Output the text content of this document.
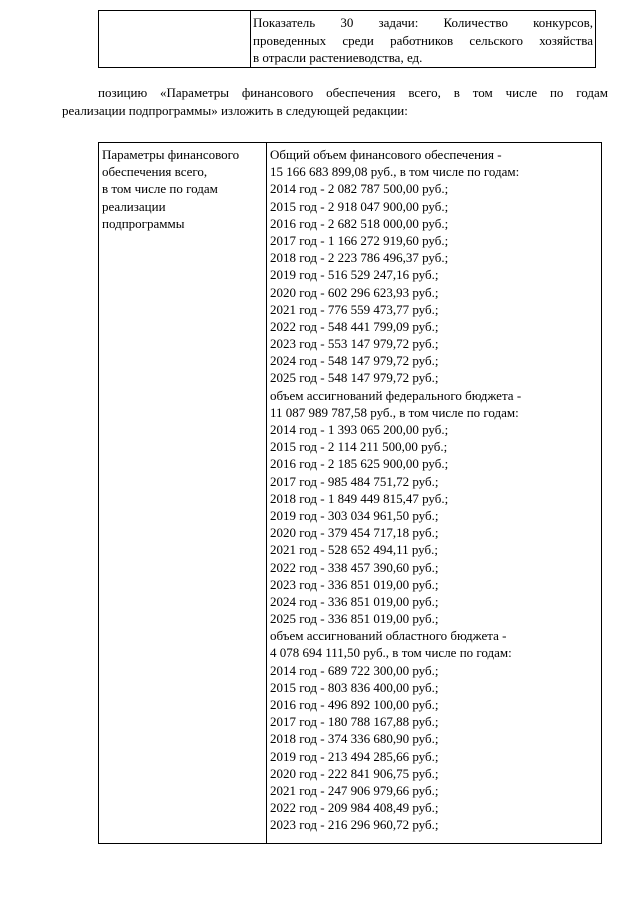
Показатель 30 задачи: Количество конкурсов,
проведенных среди работников сельского хозяйства
в отрасли растениеводства, ед.
позицию «Параметры финансового обеспечения всего, в том числе по годам
реализации подпрограммы» изложить в следующей редакции:
Параметры финансового
обеспечения всего,
в том числе по годам
реализации
подпрограммы
Общий объем финансового обеспечения -
15 166 683 899,08 руб., в том числе по годам:
2014 год - 2 082 787 500,00 руб.;
2015 год - 2 918 047 900,00 руб.;
2016 год - 2 682 518 000,00 руб.;
2017 год - 1 166 272 919,60 руб.;
2018 год - 2 223 786 496,37 руб.;
2019 год - 516 529 247,16 руб.;
2020 год - 602 296 623,93 руб.;
2021 год - 776 559 473,77 руб.;
2022 год - 548 441 799,09 руб.;
2023 год - 553 147 979,72 руб.;
2024 год - 548 147 979,72 руб.;
2025 год - 548 147 979,72 руб.;
объем ассигнований федерального бюджета -
11 087 989 787,58 руб., в том числе по годам:
2014 год - 1 393 065 200,00 руб.;
2015 год - 2 114 211 500,00 руб.;
2016 год - 2 185 625 900,00 руб.;
2017 год - 985 484 751,72 руб.;
2018 год - 1 849 449 815,47 руб.;
2019 год - 303 034 961,50 руб.;
2020 год - 379 454 717,18 руб.;
2021 год - 528 652 494,11 руб.;
2022 год - 338 457 390,60 руб.;
2023 год - 336 851 019,00 руб.;
2024 год - 336 851 019,00 руб.;
2025 год - 336 851 019,00 руб.;
объем ассигнований областного бюджета -
4 078 694 111,50 руб., в том числе по годам:
2014 год - 689 722 300,00 руб.;
2015 год - 803 836 400,00 руб.;
2016 год - 496 892 100,00 руб.;
2017 год - 180 788 167,88 руб.;
2018 год - 374 336 680,90 руб.;
2019 год - 213 494 285,66 руб.;
2020 год - 222 841 906,75 руб.;
2021 год - 247 906 979,66 руб.;
2022 год - 209 984 408,49 руб.;
2023 год - 216 296 960,72 руб.;
